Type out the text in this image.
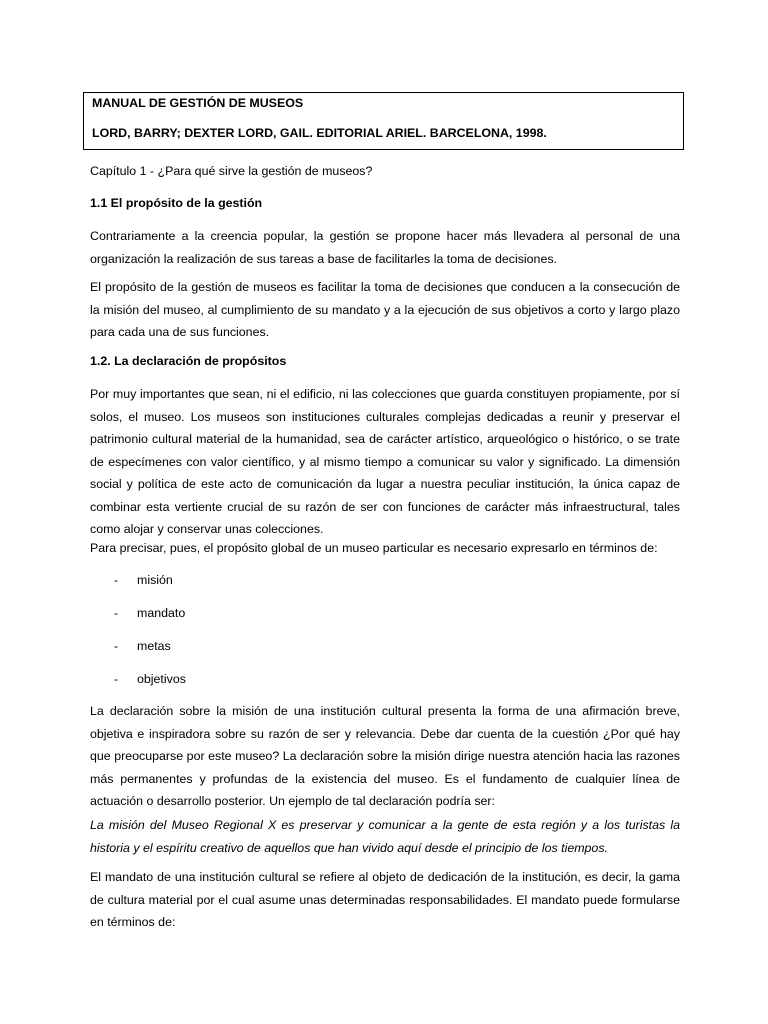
MANUAL DE GESTIÓN DE MUSEOS
LORD, BARRY; DEXTER LORD, GAIL. EDITORIAL ARIEL. BARCELONA, 1998.

Capítulo 1 - ¿Para qué sirve la gestión de museos?

1.1 El propósito de la gestión

Contrariamente a la creencia popular, la gestión se propone hacer más llevadera al personal de una organización la realización de sus tareas a base de facilitarles la toma de decisiones.

El propósito de la gestión de museos es facilitar la toma de decisiones que conducen a la consecución de la misión del museo, al cumplimiento de su mandato y a la ejecución de sus objetivos a corto y largo plazo para cada una de sus funciones.

1.2. La declaración de propósitos

Por muy importantes que sean, ni el edificio, ni las colecciones que guarda constituyen propiamente, por sí solos, el museo. Los museos son instituciones culturales complejas dedicadas a reunir y preservar el patrimonio cultural material de la humanidad, sea de carácter artístico, arqueológico o histórico, o se trate de especímenes con valor científico, y al mismo tiempo a comunicar su valor y significado. La dimensión social y política de este acto de comunicación da lugar a nuestra peculiar institución, la única capaz de combinar esta vertiente crucial de su razón de ser con funciones de carácter más infraestructural, tales como alojar y conservar unas colecciones.

Para precisar, pues, el propósito global de un museo particular es necesario expresarlo en términos de:

- misión
- mandato
- metas
- objetivos

La declaración sobre la misión de una institución cultural presenta la forma de una afirmación breve, objetiva e inspiradora sobre su razón de ser y relevancia. Debe dar cuenta de la cuestión ¿Por qué hay que preocuparse por este museo? La declaración sobre la misión dirige nuestra atención hacia las razones más permanentes y profundas de la existencia del museo. Es el fundamento de cualquier línea de actuación o desarrollo posterior. Un ejemplo de tal declaración podría ser:

La misión del Museo Regional X es preservar y comunicar a la gente de esta región y a los turistas la historia y el espíritu creativo de aquellos que han vivido aquí desde el principio de los tiempos.

El mandato de una institución cultural se refiere al objeto de dedicación de la institución, es decir, la gama de cultura material por el cual asume unas determinadas responsabilidades. El mandato puede formularse en términos de:
